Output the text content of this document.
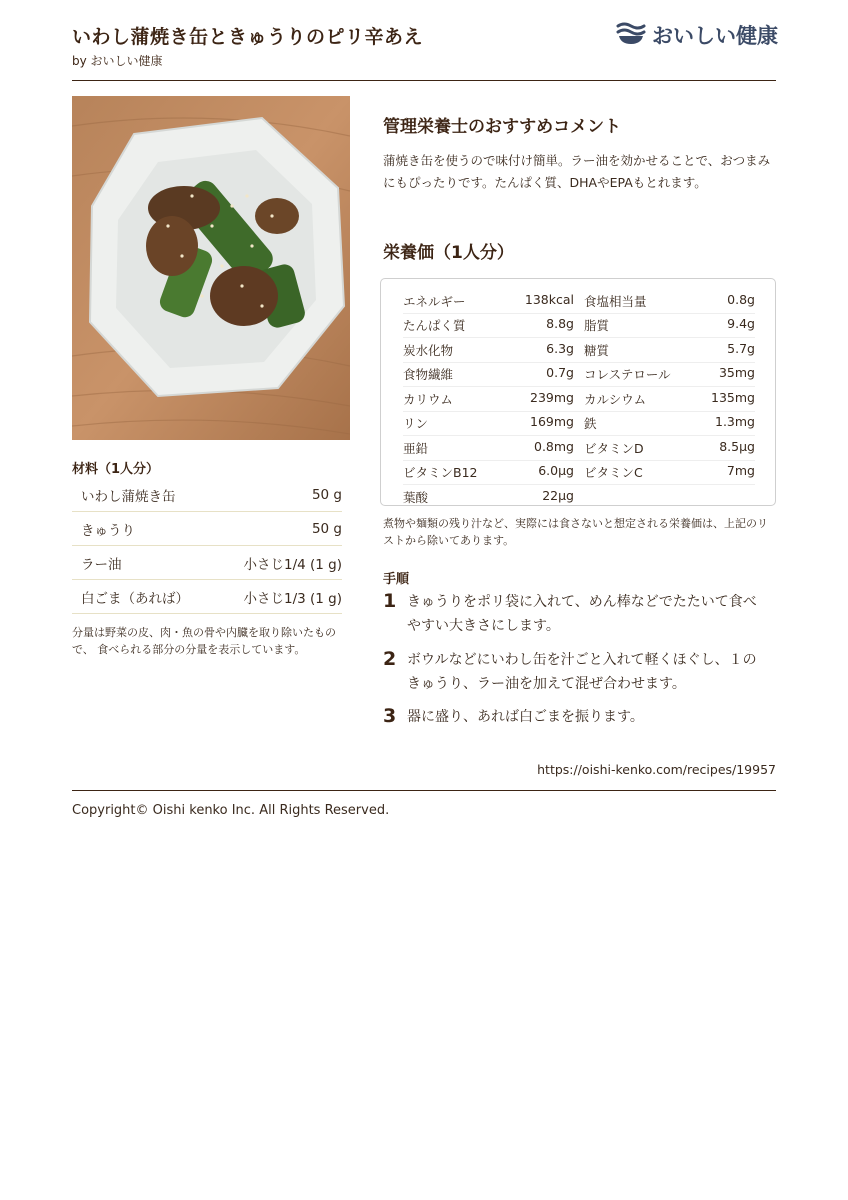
いわし蒲焼き缶ときゅうりのピリ辛あえ
by おいしい健康
おいしい健康
材料（1人分）
いわし蒲焼き缶	50 g
きゅうり	50 g
ラー油	小さじ1/4 (1 g)
白ごま（あれば）	小さじ1/3 (1 g)
分量は野菜の皮、肉・魚の骨や内臓を取り除いたもので、 食べられる部分の分量を表示しています。
管理栄養士のおすすめコメント
蒲焼き缶を使うので味付け簡単。ラー油を効かせることで、おつまみにもぴったりです。たんぱく質、DHAやEPAもとれます。
栄養価（1人分）
エネルギー	138kcal 食塩相当量	0.8g
たんぱく質	8.8g 脂質	9.4g
炭水化物	6.3g 糖質	5.7g
食物繊維	0.7g コレステロール	35mg
カリウム	239mg カルシウム	135mg
リン	169mg 鉄	1.3mg
亜鉛	0.8mg ビタミンD	8.5μg
ビタミンB12	6.0μg ビタミンC	7mg
葉酸	22μg
煮物や麺類の残り汁など、実際には食さないと想定される栄養価は、上記のリストから除いてあります。
手順
1 きゅうりをポリ袋に入れて、めん棒などでたたいて食べやすい大きさにします。
2 ボウルなどにいわし缶を汁ごと入れて軽くほぐし、１のきゅうり、ラー油を加えて混ぜ合わせます。
3 器に盛り、あれば白ごまを振ります。
https://oishi-kenko.com/recipes/19957
Copyright© Oishi kenko Inc. All Rights Reserved.
